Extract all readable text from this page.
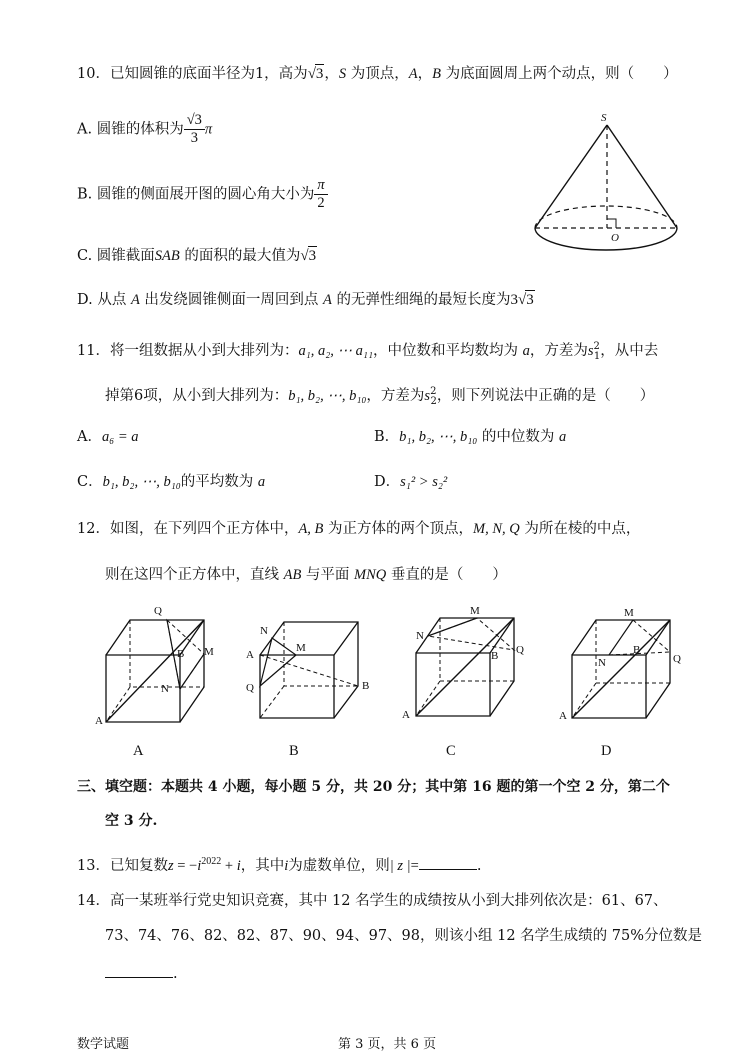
10．已知圆锥的底面半径为1，高为√3，S 为顶点，A，B 为底面圆周上两个动点，则（　　）
A. 圆锥的体积为 $\frac{√3}{3}$ π
B. 圆锥的侧面展开图的圆心角大小为 $\frac{\pi}{2}$
C. 圆锥截面SAB 的面积的最大值为√3
D. 从点 A 出发绕圆锥侧面一周回到点 A 的无弹性细绳的最短长度为3√3
S
O
11．将一组数据从小到大排列为：a₁, a₂, ⋯ a₁₁，中位数和平均数均为 a，方差为$s^2_1$，从中去
掉第6项，从小到大排列为：b₁, b₂, ⋯, b₁₀，方差为$s^2_2$，则下列说法中正确的是（　　）
A．a₆ = a	B．b₁, b₂, ⋯, b₁₀ 的中位数为 a
C．b₁, b₂, ⋯, b₁₀的平均数为 a	D．s₁² > s₂²
12．如图，在下列四个正方体中，A, B 为正方体的两个顶点，M, N, Q 为所在棱的中点，
则在这四个正方体中，直线 AB 与平面 MNQ 垂直的是（　　）
Q
M
B
N
A
A
N
M
A
Q	B
B
M
N
B Q
A
C
M
N
B
Q
A
D
三、填空题：本题共 4 小题，每小题 5 分，共 20 分；其中第 16 题的第一个空 2 分，第二个
空 3 分.
13．已知复数$z = -i^{2022} + i$，其中i为虚数单位，则| z |=	.
14．高一某班举行党史知识竞赛，其中 12 名学生的成绩按从小到大排列依次是：61、67、
73、74、76、82、82、87、90、94、97、98，则该小组 12 名学生成绩的 75%分位数是
.
数学试题	第 3 页，共 6 页
